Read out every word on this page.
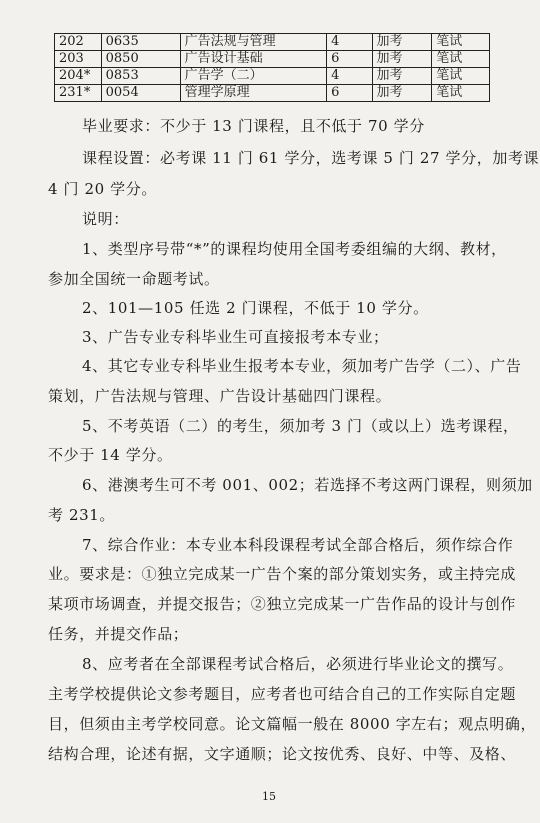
202	0635	广告法规与管理	4	加考	笔试
203	0850	广告设计基础	6	加考	笔试
204*	0853	广告学（二）	4	加考	笔试
231*	0054	管理学原理	6	加考	笔试
毕业要求：不少于 13 门课程，且不低于 70 学分
课程设置：必考课 11 门 61 学分，选考课 5 门 27 学分，加考课
4 门 20 学分。
说明：
1、类型序号带“*”的课程均使用全国考委组编的大纲、教材，
参加全国统一命题考试。
2、101—105 任选 2 门课程，不低于 10 学分。
3、广告专业专科毕业生可直接报考本专业；
4、其它专业专科毕业生报考本专业，须加考广告学（二）、广告
策划，广告法规与管理、广告设计基础四门课程。
5、不考英语（二）的考生，须加考 3 门（或以上）选考课程，
不少于 14 学分。
6、港澳考生可不考 001、002；若选择不考这两门课程，则须加
考 231。
7、综合作业：本专业本科段课程考试全部合格后，须作综合作
业。要求是：①独立完成某一广告个案的部分策划实务，或主持完成
某项市场调查，并提交报告；②独立完成某一广告作品的设计与创作
任务，并提交作品；
8、应考者在全部课程考试合格后，必须进行毕业论文的撰写。
主考学校提供论文参考题目，应考者也可结合自己的工作实际自定题
目，但须由主考学校同意。论文篇幅一般在 8000 字左右；观点明确，
结构合理，论述有据，文字通顺；论文按优秀、良好、中等、及格、
15
